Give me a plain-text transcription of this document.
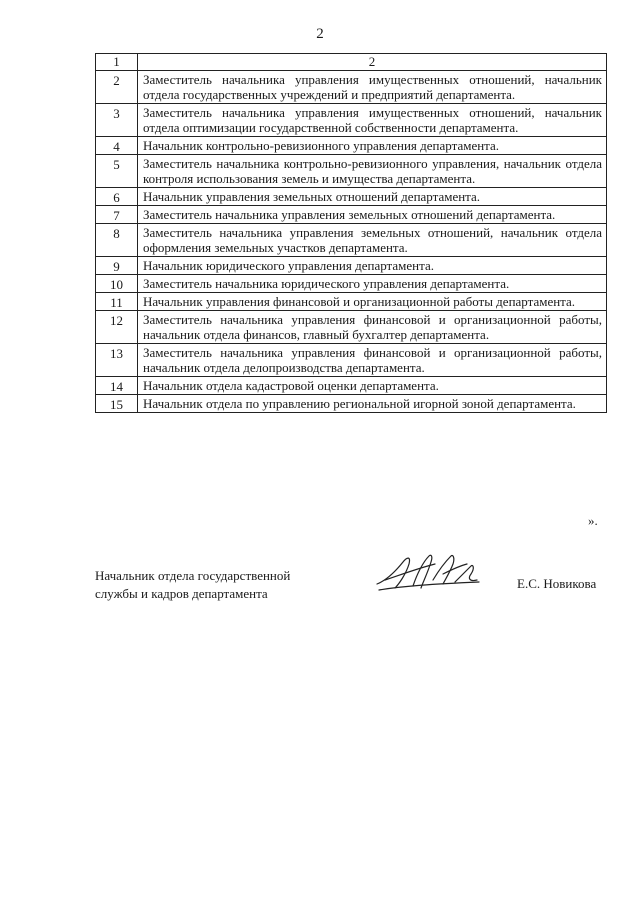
2
1	2
2	Заместитель начальника управления имущественных отношений, начальник отдела государственных учреждений и предприятий департамента.
3	Заместитель начальника управления имущественных отношений, начальник отдела оптимизации государственной собственности департамента.
4	Начальник контрольно-ревизионного управления департамента.
5	Заместитель начальника контрольно-ревизионного управления, начальник отдела контроля использования земель и имущества департамента.
6	Начальник управления земельных отношений департамента.
7	Заместитель начальника управления земельных отношений департамента.
8	Заместитель начальника управления земельных отношений, начальник отдела оформления земельных участков департамента.
9	Начальник юридического управления департамента.
10	Заместитель начальника юридического управления департамента.
11	Начальник управления финансовой и организационной работы департамента.
12	Заместитель начальника управления финансовой и организационной работы, начальник отдела финансов, главный бухгалтер департамента.
13	Заместитель начальника управления финансовой и организационной работы, начальник отдела делопроизводства департамента.
14	Начальник отдела кадастровой оценки департамента.
15	Начальник отдела по управлению региональной игорной зоной департамента.
».
Начальник отдела государственной
службы и кадров департамента
Е.С. Новикова
